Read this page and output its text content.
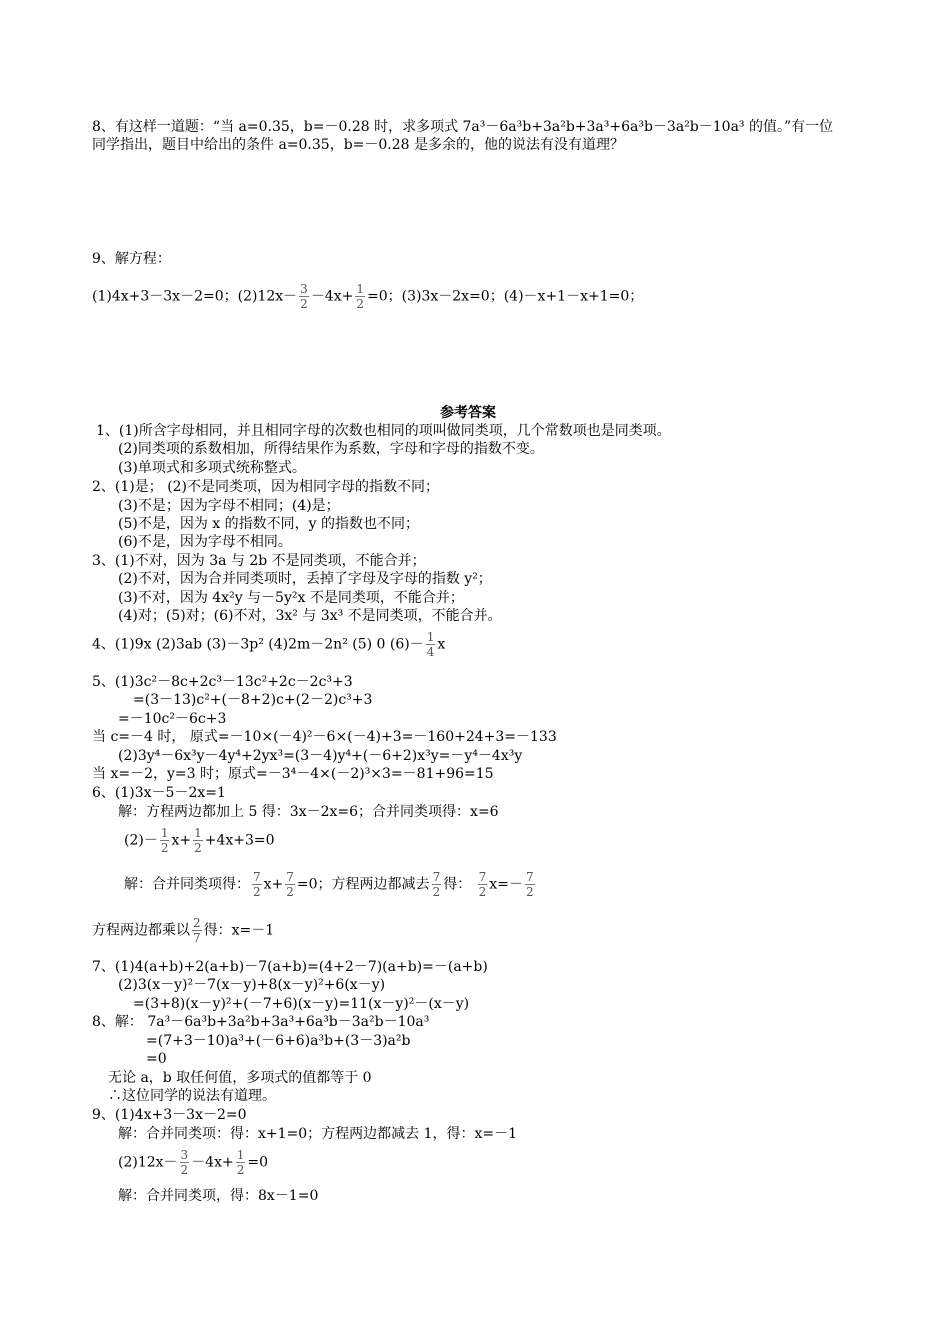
8、有这样一道题：“当 a=0.35，b=－0.28 时，求多项式 7a³－6a³b+3a²b+3a³+6a³b－3a²b－10a³ 的值。”有一位
同学指出，题目中给出的条件 a=0.35，b=－0.28 是多余的，他的说法有没有道理？
9、解方程：
(1)4x+3－3x－2=0；$(2)12x- \frac{3}{2} -4x+ \frac{1}{2} =0$；(3)3x－2x=0；(4)－x+1－x+1=0；
参考答案
1、(1)所含字母相同，并且相同字母的次数也相同的项叫做同类项，几个常数项也是同类项。
(2)同类项的系数相加，所得结果作为系数，字母和字母的指数不变。
(3)单项式和多项式统称整式。
2、(1)是； (2)不是同类项，因为相同字母的指数不同；
(3)不是；因为字母不相同；(4)是；
(5)不是，因为 x 的指数不同，y 的指数也不同；
(6)不是，因为字母不相同。
3、(1)不对，因为 3a 与 2b 不是同类项，不能合并；
(2)不对，因为合并同类项时，丢掉了字母及字母的指数 y²；
(3)不对，因为 4x²y 与－5y²x 不是同类项，不能合并；
(4)对；(5)对；(6)不对，3x² 与 3x³ 不是同类项，不能合并。
4、(1)9x (2)3ab (3)－3p² (4)2m－2n² (5) 0 $(6)- \frac{1}{4}$ x
5、(1)3c²－8c+2c³－13c²+2c－2c³+3
=(3－13)c²+(－8+2)c+(2－2)c³+3
=－10c²－6c+3
当 c=－4 时， 原式=－10×(－4)²－6×(－4)+3=－160+24+3=－133
(2)3y⁴－6x³y－4y⁴+2yx³=(3－4)y⁴+(－6+2)x³y=－y⁴－4x³y
当 x=－2，y=3 时；原式=－3⁴－4×(－2)³×3=－81+96=15
6、(1)3x－5－2x=1
解：方程两边都加上 5 得：3x－2x=6；合并同类项得：x=6
$(2)- \frac{1}{2} x+ \frac{1}{2} +4x+3=0$
解：合并同类项得： $\frac{7}{2} x+ \frac{7}{2} =0$；方程两边都减去 $\frac{7}{2}$ 得： $\frac{7}{2} x=- \frac{7}{2}$
方程两边都乘以 $\frac{2}{7}$ 得：x=－1
7、(1)4(a+b)+2(a+b)－7(a+b)=(4+2－7)(a+b)=－(a+b)
(2)3(x－y)²－7(x－y)+8(x－y)²+6(x－y)
=(3+8)(x－y)²+(－7+6)(x－y)=11(x－y)²－(x－y)
8、解： 7a³－6a³b+3a²b+3a³+6a³b－3a²b－10a³
=(7+3－10)a³+(－6+6)a³b+(3－3)a²b
=0
无论 a，b 取任何值，多项式的值都等于 0
∴这位同学的说法有道理。
9、(1)4x+3－3x－2=0
解：合并同类项：得：x+1=0；方程两边都减去 1，得：x=－1
$(2)12x- \frac{3}{2} -4x+ \frac{1}{2} =0$
解：合并同类项，得：8x－1=0
